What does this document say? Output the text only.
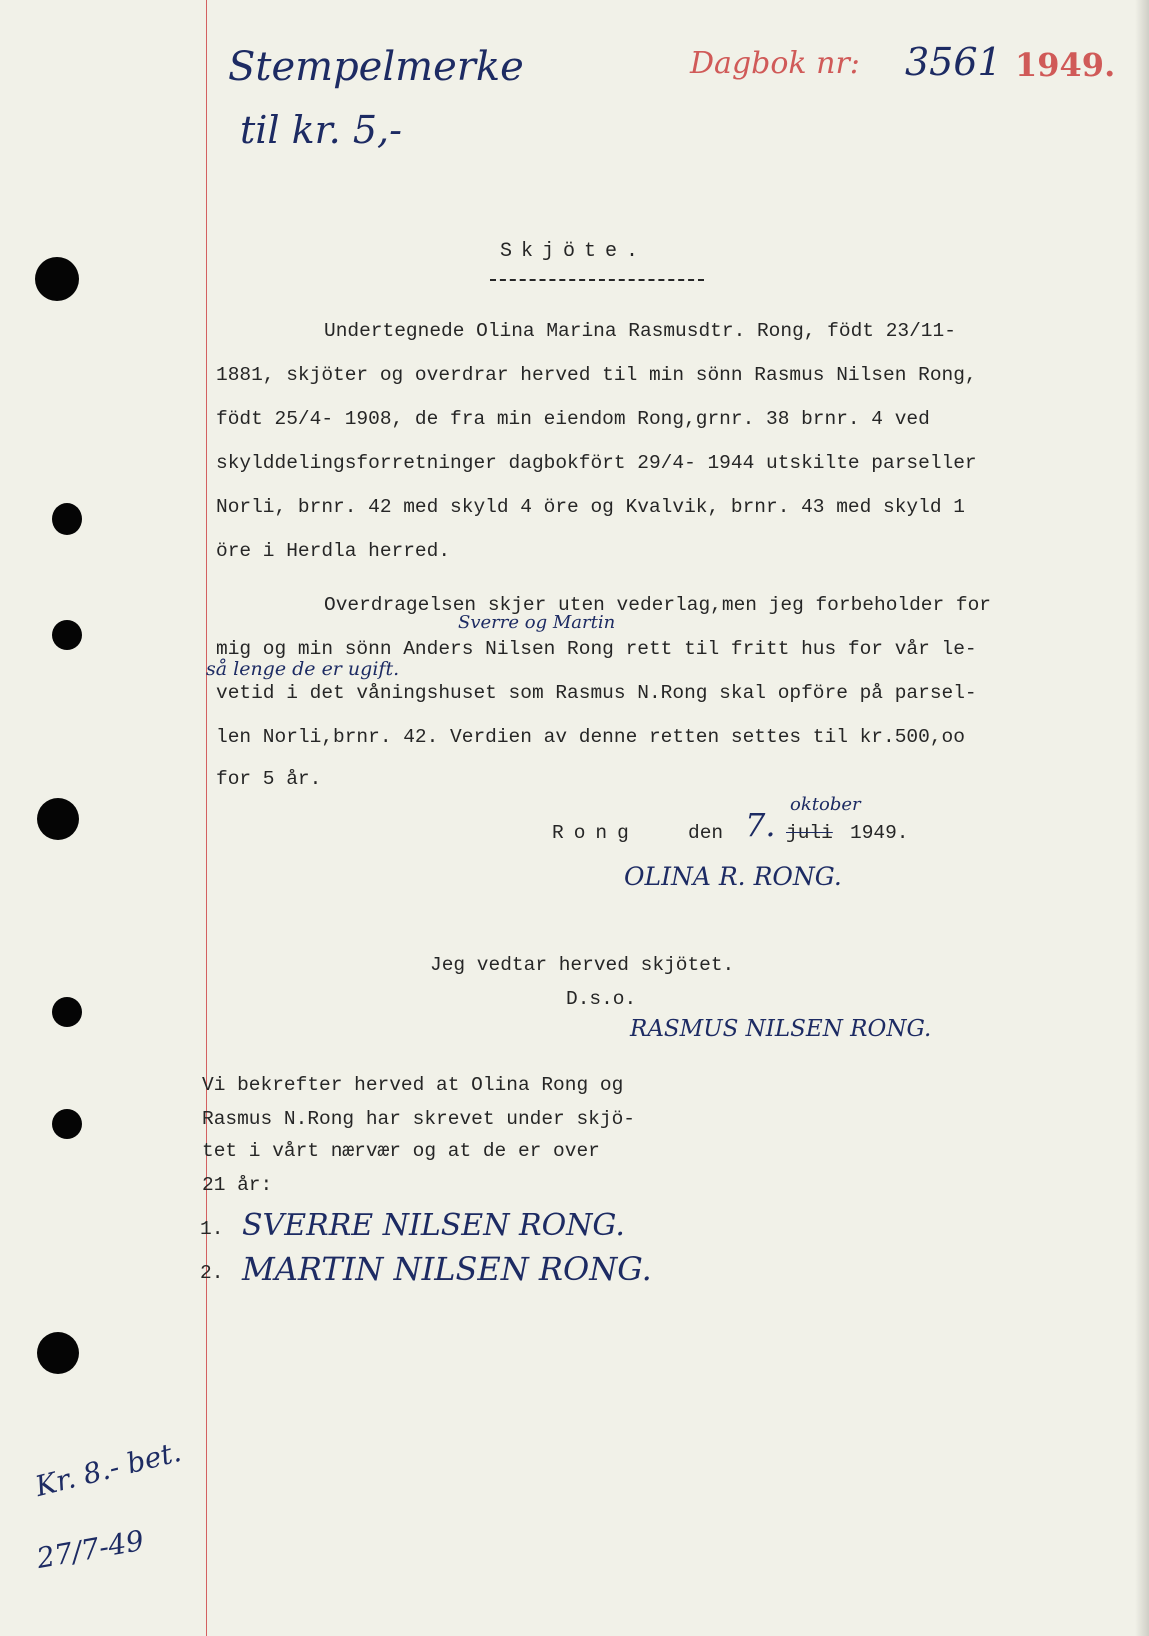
Stempelmerke
til kr. 5,-
Dagbok nr: 3561 1949.
Skjöte.
Undertegnede Olina Marina Rasmusdtr. Rong, födt 23/11-
1881, skjöter og overdrar herved til min sönn Rasmus Nilsen Rong,
födt 25/4- 1908, de fra min eiendom Rong,grnr. 38 brnr. 4 ved
skylddelingsforretninger dagbokfört 29/4- 1944 utskilte parseller
Norli, brnr. 42 med skyld 4 öre og Kvalvik, brnr. 43 med skyld 1
öre i Herdla herred.
Overdragelsen skjer uten vederlag,men jeg forbeholder for
Sverre og Martin
mig og min sönn Anders Nilsen Rong rett til fritt hus for vår le-
så lenge de er ugift.
vetid i det våningshuset som Rasmus N.Rong skal opföre på parsel-
len Norli,brnr. 42. Verdien av denne retten settes til kr.500,oo
for 5 år.
Rong	den 7.
oktober
juli 1949.
OLINA R. RONG.
Jeg vedtar herved skjötet.
D.s.o.
RASMUS NILSEN RONG.
Vi bekrefter herved at Olina Rong og
Rasmus N.Rong har skrevet under skjö-
tet i vårt nærvær og at de er over
21 år:
1. SVERRE NILSEN RONG.
2. MARTIN NILSEN RONG.
Kr. 8.- bet.
27/7-49
